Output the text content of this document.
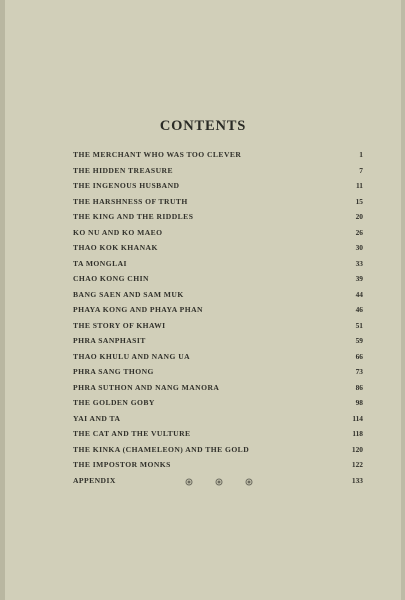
CONTENTS
THE MERCHANT WHO WAS TOO CLEVER	1
THE HIDDEN TREASURE	7
THE INGENOUS HUSBAND	11
THE HARSHNESS OF TRUTH	15
THE KING AND THE RIDDLES	20
KO NU AND KO MAEO	26
THAO KOK KHANAK	30
TA MONGLAI	33
CHAO KONG CHIN	39
BANG SAEN AND SAM MUK	44
PHAYA KONG AND PHAYA PHAN	46
THE STORY OF KHAWI	51
PHRA SANPHASIT	59
THAO KHULU AND NANG UA	66
PHRA SANG THONG	73
PHRA SUTHON AND NANG MANORA	86
THE GOLDEN GOBY	98
YAI AND TA	114
THE CAT AND THE VULTURE	118
THE KINKA (CHAMELEON) AND THE GOLD	120
THE IMPOSTOR MONKS	122
APPENDIX	133
